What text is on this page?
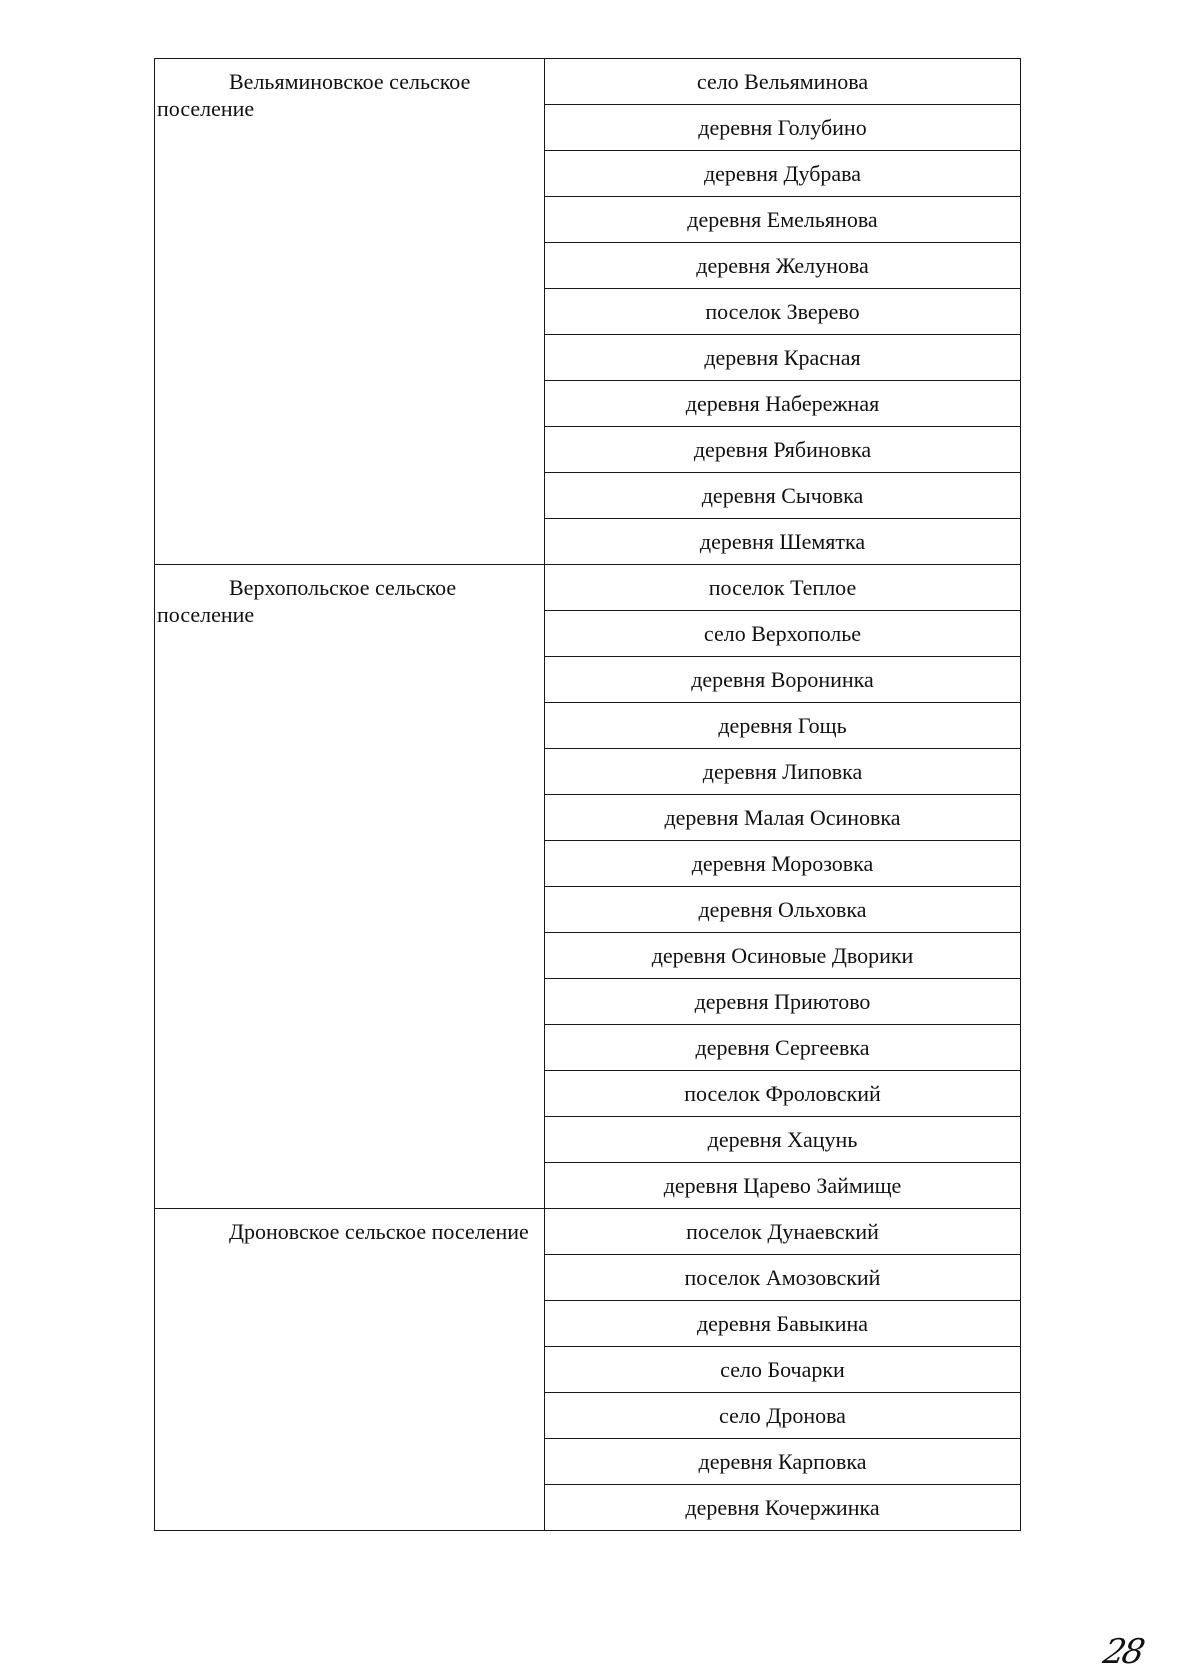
Вельяминовское сельское поселение	село Вельяминова
	деревня Голубино
	деревня Дубрава
	деревня Емельянова
	деревня Желунова
	поселок Зверево
	деревня Красная
	деревня Набережная
	деревня Рябиновка
	деревня Сычовка
	деревня Шемятка
Верхопольское сельское поселение	поселок Теплое
	село Верхополье
	деревня Воронинка
	деревня Гощь
	деревня Липовка
	деревня Малая Осиновка
	деревня Морозовка
	деревня Ольховка
	деревня Осиновые Дворики
	деревня Приютово
	деревня Сергеевка
	поселок Фроловский
	деревня Хацунь
	деревня Царево Займище
Дроновское сельское поселение	поселок Дунаевский
	поселок Амозовский
	деревня Бавыкина
	село Бочарки
	село Дронова
	деревня Карповка
	деревня Кочержинка
28
